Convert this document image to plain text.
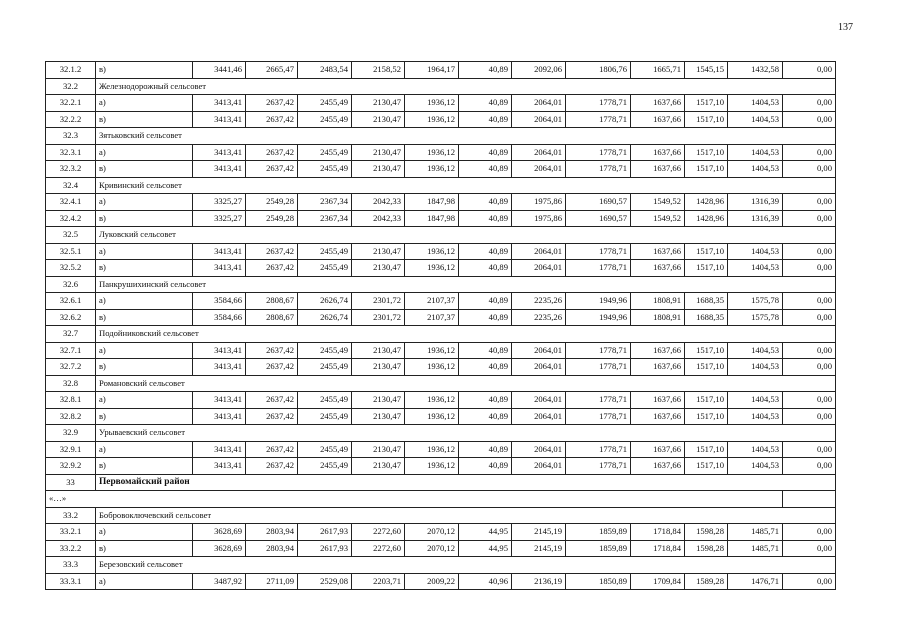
137
32.1.2	в)	3441,46	2665,47	2483,54	2158,52	1964,17	40,89	2092,06	1806,76	1665,71	1545,15	1432,58	0,00
32.2	Железнодорожный сельсовет												
32.2.1	а)	3413,41	2637,42	2455,49	2130,47	1936,12	40,89	2064,01	1778,71	1637,66	1517,10	1404,53	0,00
32.2.2	в)	3413,41	2637,42	2455,49	2130,47	1936,12	40,89	2064,01	1778,71	1637,66	1517,10	1404,53	0,00
32.3	Зятьковский сельсовет												
32.3.1	а)	3413,41	2637,42	2455,49	2130,47	1936,12	40,89	2064,01	1778,71	1637,66	1517,10	1404,53	0,00
32.3.2	в)	3413,41	2637,42	2455,49	2130,47	1936,12	40,89	2064,01	1778,71	1637,66	1517,10	1404,53	0,00
32.4	Кривинский сельсовет												
32.4.1	а)	3325,27	2549,28	2367,34	2042,33	1847,98	40,89	1975,86	1690,57	1549,52	1428,96	1316,39	0,00
32.4.2	в)	3325,27	2549,28	2367,34	2042,33	1847,98	40,89	1975,86	1690,57	1549,52	1428,96	1316,39	0,00
32.5	Луковский сельсовет												
32.5.1	а)	3413,41	2637,42	2455,49	2130,47	1936,12	40,89	2064,01	1778,71	1637,66	1517,10	1404,53	0,00
32.5.2	в)	3413,41	2637,42	2455,49	2130,47	1936,12	40,89	2064,01	1778,71	1637,66	1517,10	1404,53	0,00
32.6	Панкрушихинский сельсовет												
32.6.1	а)	3584,66	2808,67	2626,74	2301,72	2107,37	40,89	2235,26	1949,96	1808,91	1688,35	1575,78	0,00
32.6.2	в)	3584,66	2808,67	2626,74	2301,72	2107,37	40,89	2235,26	1949,96	1808,91	1688,35	1575,78	0,00
32.7	Подойниковский сельсовет												
32.7.1	а)	3413,41	2637,42	2455,49	2130,47	1936,12	40,89	2064,01	1778,71	1637,66	1517,10	1404,53	0,00
32.7.2	в)	3413,41	2637,42	2455,49	2130,47	1936,12	40,89	2064,01	1778,71	1637,66	1517,10	1404,53	0,00
32.8	Романовский сельсовет												
32.8.1	а)	3413,41	2637,42	2455,49	2130,47	1936,12	40,89	2064,01	1778,71	1637,66	1517,10	1404,53	0,00
32.8.2	в)	3413,41	2637,42	2455,49	2130,47	1936,12	40,89	2064,01	1778,71	1637,66	1517,10	1404,53	0,00
32.9	Урываевский сельсовет												
32.9.1	а)	3413,41	2637,42	2455,49	2130,47	1936,12	40,89	2064,01	1778,71	1637,66	1517,10	1404,53	0,00
32.9.2	в)	3413,41	2637,42	2455,49	2130,47	1936,12	40,89	2064,01	1778,71	1637,66	1517,10	1404,53	0,00
33	Первомайский район												
«…»													
33.2	Бобровоключевский сельсовет												
33.2.1	а)	3628,69	2803,94	2617,93	2272,60	2070,12	44,95	2145,19	1859,89	1718,84	1598,28	1485,71	0,00
33.2.2	в)	3628,69	2803,94	2617,93	2272,60	2070,12	44,95	2145,19	1859,89	1718,84	1598,28	1485,71	0,00
33.3	Березовский сельсовет												
33.3.1	а)	3487,92	2711,09	2529,08	2203,71	2009,22	40,96	2136,19	1850,89	1709,84	1589,28	1476,71	0,00
